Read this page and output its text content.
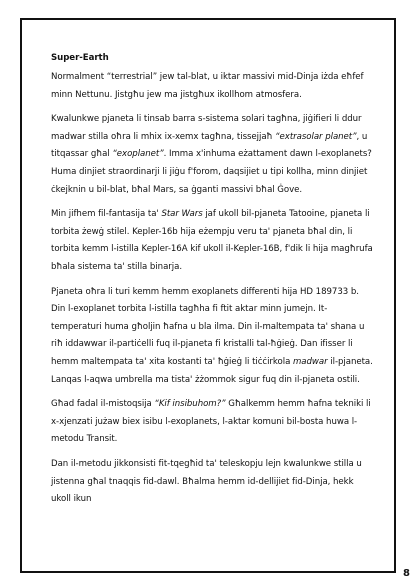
Super-Earth

Normalment “terrestrial” jew tal-blat, u iktar massivi mid-Dinja iżda eħfef minn Nettunu. Jistgħu jew ma jistgħux ikollhom atmosfera.

Kwalunkwe pjaneta li tinsab barra s-sistema solari tagħna, jiġifieri li ddur madwar stilla oħra li mhix ix-xemx tagħna, tissejjaħ “extrasolar planet”, u titqassar għal “exoplanet”. Imma x'inhuma eżattament dawn l-exoplanets? Huma dinjiet straordinarji li jiġu f'forom, daqsijiet u tipi kollha, minn dinjiet ċkejknin u bil-blat, bħal Mars, sa ġganti massivi bħal Ġove.

Min jifhem fil-fantasija ta' Star Wars jaf ukoll bil-pjaneta Tatooine, pjaneta li torbita żewġ stilel. Kepler-16b hija eżempju veru ta' pjaneta bħal din, li torbita kemm l-istilla Kepler-16A kif ukoll il-Kepler-16B, f'dik li hija magħrufa bħala sistema ta' stilla binarja.

Pjaneta oħra li turi kemm hemm exoplanets differenti hija HD 189733 b. Din l-exoplanet torbita l-istilla tagħha fi ftit aktar minn jumejn. It-temperaturi huma għoljin ħafna u bla ilma. Din il-maltempata ta' shana u riħ iddawwar il-partiċelli fuq il-pjaneta fi kristalli tal-ħġieġ. Dan ifisser li hemm maltempata ta' xita kostanti ta' ħġieġ li tiċċirkola madwar il-pjaneta. Lanqas l-aqwa umbrella ma tista' żżommok sigur fuq din il-pjaneta ostili.

Għad fadal il-mistoqsija “Kif insibuhom?” Għalkemm hemm ħafna tekniki li x-xjenzati jużaw biex isibu l-exoplanets, l-aktar komuni bil-bosta huwa l-metodu Transit.

Dan il-metodu jikkonsisti fit-tqegħid ta' teleskopju lejn kwalunkwe stilla u jistenna għal tnaqqis fid-dawl. Bħalma hemm id-dellijiet fid-Dinja, hekk ukoll ikun

8
